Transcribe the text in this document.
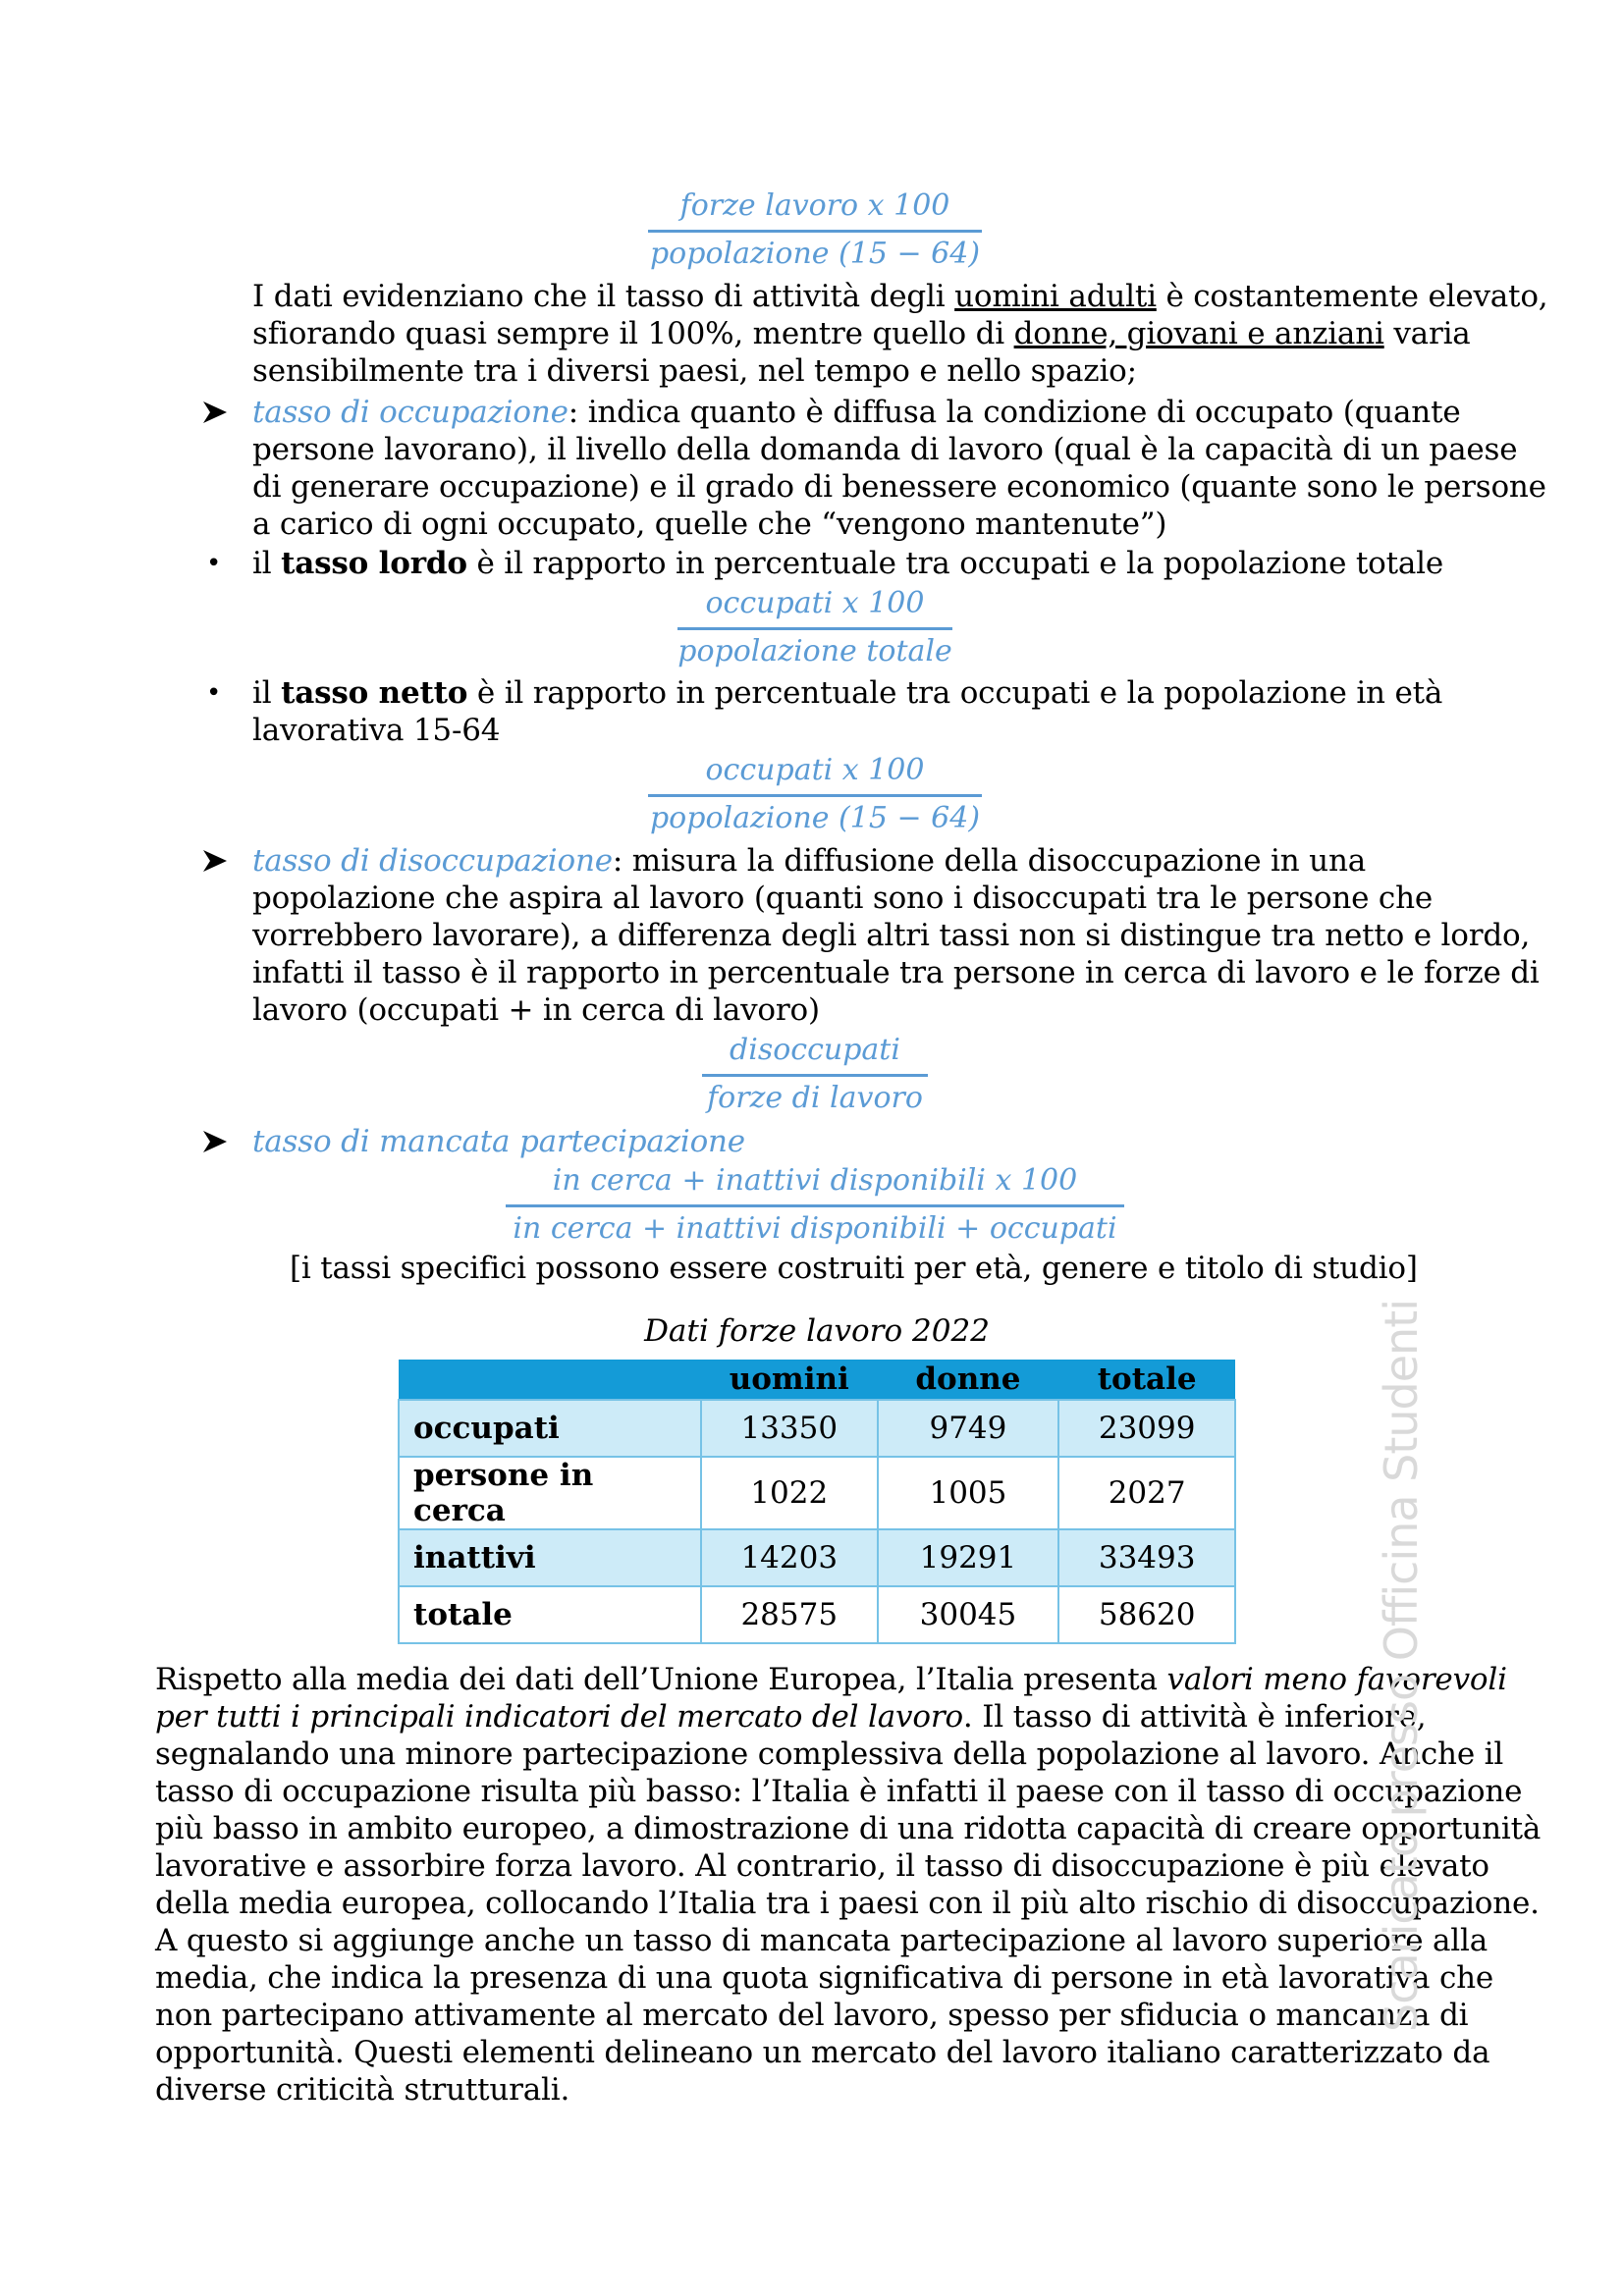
forze lavoro x 100
popolazione (15 − 64)
I dati evidenziano che il tasso di attività degli uomini adulti è costantemente elevato,
sfiorando quasi sempre il 100%, mentre quello di donne, giovani e anziani varia
sensibilmente tra i diversi paesi, nel tempo e nello spazio;
tasso di occupazione: indica quanto è diffusa la condizione di occupato (quante
persone lavorano), il livello della domanda di lavoro (qual è la capacità di un paese
di generare occupazione) e il grado di benessere economico (quante sono le persone
a carico di ogni occupato, quelle che “vengono mantenute”)
• il tasso lordo è il rapporto in percentuale tra occupati e la popolazione totale
occupati x 100
popolazione totale
• il tasso netto è il rapporto in percentuale tra occupati e la popolazione in età
lavorativa 15-64
occupati x 100
popolazione (15 − 64)
tasso di disoccupazione: misura la diffusione della disoccupazione in una
popolazione che aspira al lavoro (quanti sono i disoccupati tra le persone che
vorrebbero lavorare), a differenza degli altri tassi non si distingue tra netto e lordo,
infatti il tasso è il rapporto in percentuale tra persone in cerca di lavoro e le forze di
lavoro (occupati + in cerca di lavoro)
disoccupati
forze di lavoro
tasso di mancata partecipazione
in cerca + inattivi disponibili x 100
in cerca + inattivi disponibili + occupati
[i tassi specifici possono essere costruiti per età, genere e titolo di studio]
Dati forze lavoro 2022
	uomini	donne	totale
occupati	13350	9749	23099
persone in cerca	1022	1005	2027
inattivi	14203	19291	33493
totale	28575	30045	58620
Rispetto alla media dei dati dell’Unione Europea, l’Italia presenta valori meno favorevoli
per tutti i principali indicatori del mercato del lavoro. Il tasso di attività è inferiore,
segnalando una minore partecipazione complessiva della popolazione al lavoro. Anche il
tasso di occupazione risulta più basso: l’Italia è infatti il paese con il tasso di occupazione
più basso in ambito europeo, a dimostrazione di una ridotta capacità di creare opportunità
lavorative e assorbire forza lavoro. Al contrario, il tasso di disoccupazione è più elevato
della media europea, collocando l’Italia tra i paesi con il più alto rischio di disoccupazione.
A questo si aggiunge anche un tasso di mancata partecipazione al lavoro superiore alla
media, che indica la presenza di una quota significativa di persone in età lavorativa che
non partecipano attivamente al mercato del lavoro, spesso per sfiducia o mancanza di
opportunità. Questi elementi delineano un mercato del lavoro italiano caratterizzato da
diverse criticità strutturali.
Scaricato presso Officina Studenti
